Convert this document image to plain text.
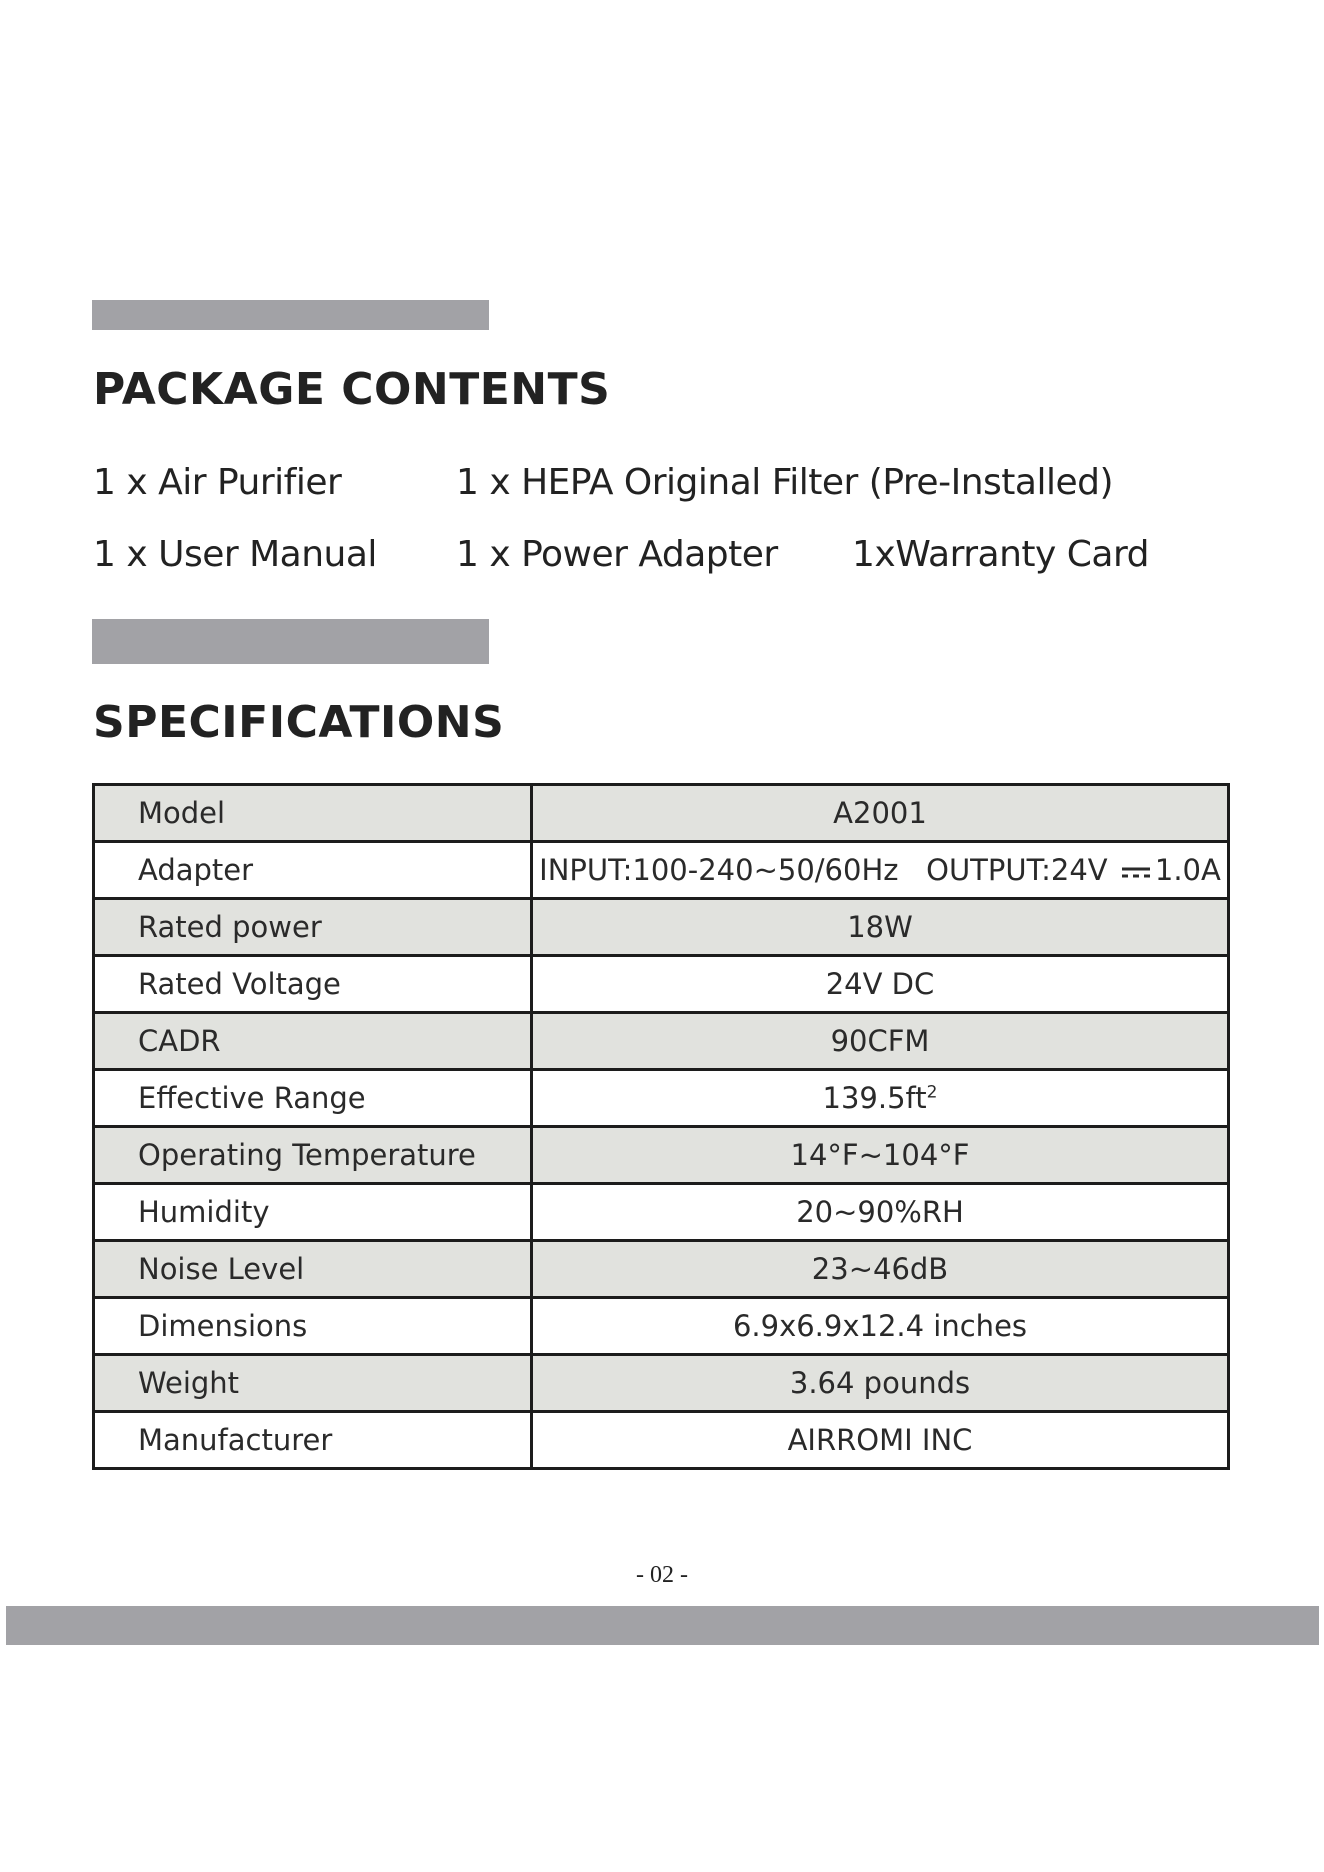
PACKAGE CONTENTS
1 x Air Purifier	1 x HEPA Original Filter (Pre-Installed)
1 x User Manual 1 x Power Adapter 1xWarranty Card
SPECIFICATIONS
Model	A2001
Adapter	INPUT:100-240~50/60Hz OUTPUT:24V 1.0A
Rated power	18W
Rated Voltage	24V DC
CADR	90CFM
Effective Range	$139.5ft^2$
Operating Temperature	14°F~104°F
Humidity	20~90%RH
Noise Level	23~46dB
Dimensions	6.9x6.9x12.4 inches
Weight	3.64 pounds
Manufacturer	AIRROMI INC
- 02 -
